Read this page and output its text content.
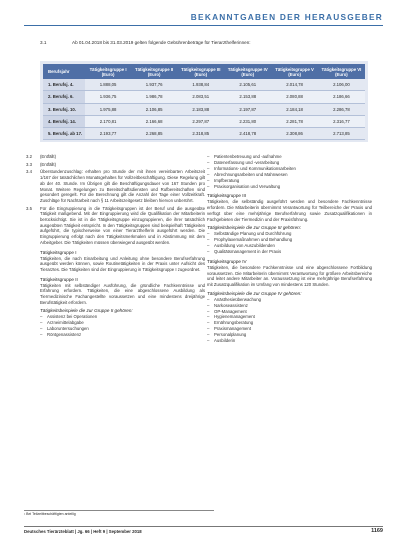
BEKANNTGABEN DER HERAUSGEBER
3.1	Ab 01.04.2018 bis 31.03.2019 gelten folgende Gebührenbeträge für Tierarzthelferinnen:
Berufsjahr	Tätigkeitsgruppe I (Euro)	Tätigkeitsgruppe II (Euro)	Tätigkeitsgruppe III (Euro)	Tätigkeitsgruppe IV (Euro)	Tätigkeitsgruppe V (Euro)	Tätigkeitsgruppe VI (Euro)
1. Berufsj. 4.	1.888,05	1.937,76	1.938,84	2.105,61	2.014,78	2.106,00
2. Berufsj. 6.	1.936,75	1.986,78	2.083,51	2.153,88	2.080,88	2.186,66
3. Berufsj. 10.	1.975,88	2.106,85	2.183,88	2.197,87	2.184,18	2.286,78
4. Berufsj. 14.	2.170,81	2.166,68	2.297,87	2.231,80	2.281,78	2.316,77
5. Berufsj. ab 17.	2.193,77	2.268,85	2.318,85	2.418,78	2.308,86	2.713,85
3.2 (Entfällt)

3.3 (Entfällt)

3.4 Überstundenzuschlag: erhalten pro Stunde der mit ihnen vereinbarten Arbeitszeit 1/167 der tatsächlichen Monatsgehaltes für Vollzeitbeschäftigung. Diese Regelung gilt ab der 40. Stunde. Im Übrigen gilt die Beschäftigungsdauer von 167 Stunden pro Monat. Weitere Regelungen zu Bereitschaftsdiensten und Rufbereitschaften sind gesondert geregelt. Für die Berechnung gilt die Anzahl der Tage einer Vollzeitkraft. Zuschläge für Nachtarbeit nach § 11 Arbeitszeitgesetz bleiben hiervon unberührt.

3.5 Für die Eingruppierung in die Tätigkeitsgruppen ist der Beruf und die ausgeübte Tätigkeit maßgebend. Mit der Eingruppierung wird die Qualifikation der Mitarbeiterin berücksichtigt. Sie ist in die Tätigkeitsgruppe einzugruppieren, die ihrer tatsächlich ausgeübten Tätigkeit entspricht. In den Tätigkeitsgruppen sind beispielhaft Tätigkeiten aufgeführt, die typischerweise von einer Tierarzthelferin ausgeführt werden. Die Eingruppierung erfolgt nach den Tätigkeitsmerkmalen und in Abstimmung mit dem Arbeitgeber. Die Tätigkeiten müssen überwiegend ausgeübt werden.

Tätigkeitsgruppe I

Tätigkeiten, die nach Einarbeitung und Anleitung ohne besondere Berufserfahrung ausgeübt werden können, sowie Routinetätigkeiten in der Praxis unter Aufsicht des Tierarztes. Die Tätigkeiten sind der Eingruppierung in Tätigkeitsgruppe I zugeordnet.

Tätigkeitsgruppe II

Tätigkeiten mit selbständiger Ausführung, die gründliche Fachkenntnisse und Erfahrung erfordern. Tätigkeiten, die eine abgeschlossene Ausbildung als Tiermedizinische Fachangestellte voraussetzen und eine mindestens dreijährige Berufstätigkeit erfordern.

Tätigkeitsbeispiele die zur Gruppe II gehören:
– Assistenz bei Operationen
– Arzneimittelabgabe
– Laboruntersuchungen
– Röntgenassistenz
– Patientenbetreuung und -aufnahme
– Datenerfassung und -verarbeitung
– Informations- und Kommunikationsarbeiten
– Abrechnungsarbeiten und Mahnwesen
– Impfberatung
– Praxisorganisation und Verwaltung
Tätigkeitsgruppe III

Tätigkeiten, die selbständig ausgeführt werden und besondere Fachkenntnisse erfordern. Die Mitarbeiterin übernimmt Verantwortung für Teilbereiche der Praxis und verfügt über eine mehrjährige Berufserfahrung sowie Zusatzqualifikationen in Fachgebieten der Tiermedizin und der Praxisführung.

Tätigkeitsbeispiele die zur Gruppe III gehören:
– Selbständige Planung und Durchführung
– Prophylaxemaßnahmen und Behandlung
– Ausbildung von Auszubildenden
– Qualitätsmanagement in der Praxis
Tätigkeitsgruppe IV

Tätigkeiten, die besondere Fachkenntnisse und eine abgeschlossene Fortbildung voraussetzen. Die Mitarbeiterin übernimmt Verantwortung für größere Arbeitsbereiche und leitet andere Mitarbeiter an. Voraussetzung ist eine mehrjährige Berufserfahrung mit Zusatzqualifikation im Umfang von mindestens 120 Stunden.

Tätigkeitsbeispiele die zur Gruppe IV gehören:
– Anästhesieüberwachung
– Narkoseassistenz
– OP-Management
– Hygienemanagement
– Ernährungsberatung
– Praxismanagement
– Personalplanung
– Ausbilderin
¹ Bei Teilzeitbeschäftigten anteilig
Deutsches Tierärzteblatt | Jg. 66 | Heft 9 | September 2018	1169
